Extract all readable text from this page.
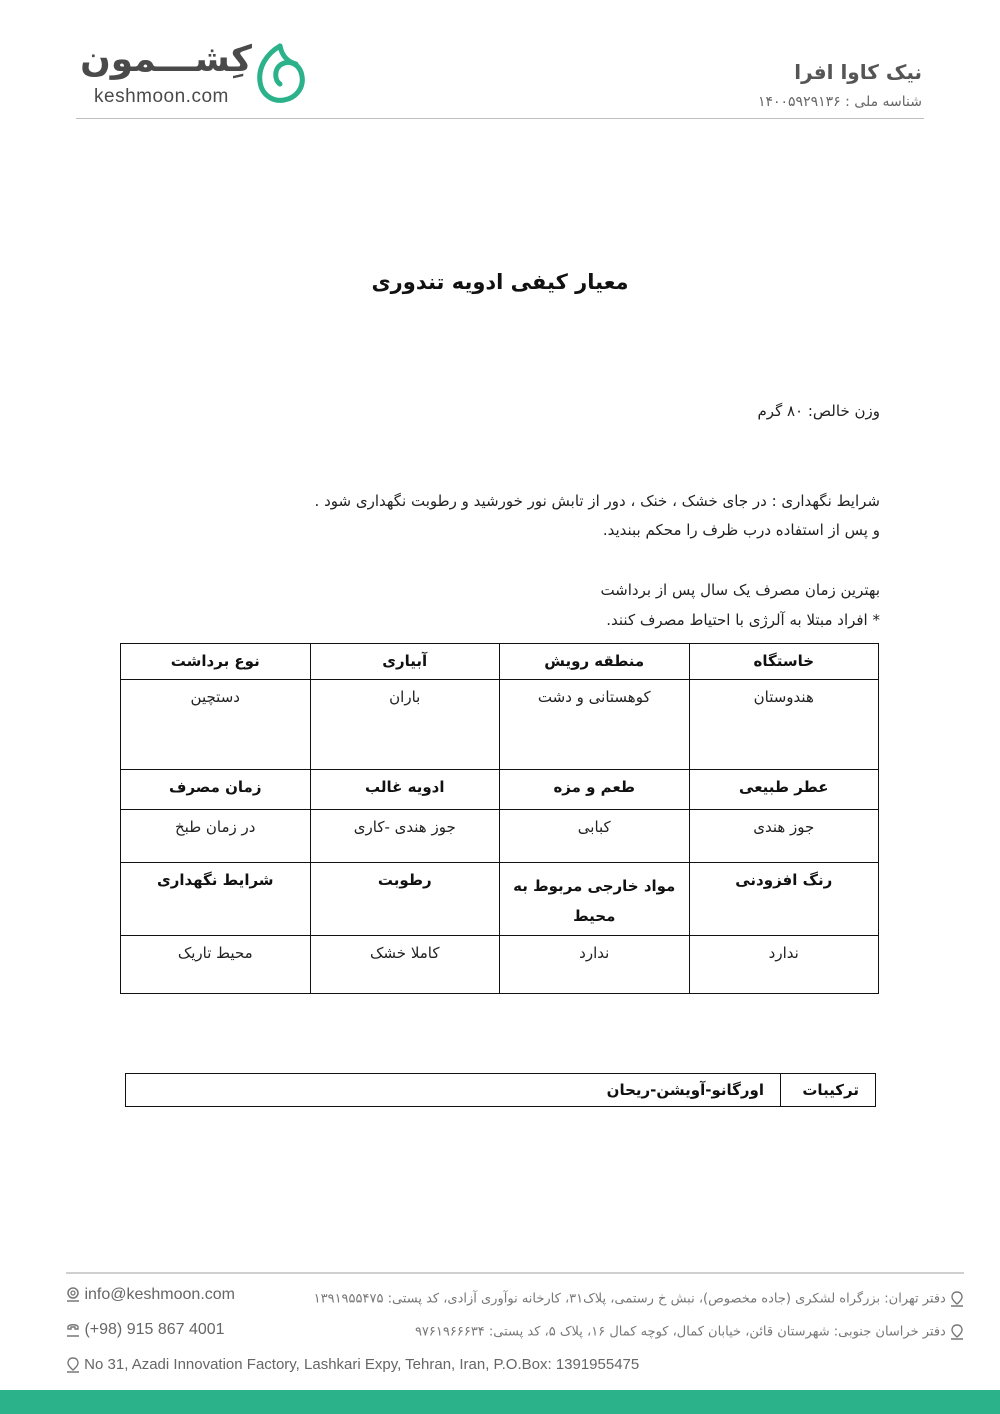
کِشـــمون
keshmoon.com
نیک کاوا افرا
شناسه ملی : ۱۴۰۰۵۹۲۹۱۳۶
معیار کیفی ادویه تندوری
وزن خالص: ۸۰ گرم
شرایط نگهداری : در جای خشک ، خنک ، دور از تابش نور خورشید و رطوبت نگهداری شود .
و پس از استفاده درب ظرف را محکم ببندید.
بهترین زمان مصرف یک سال پس از برداشت
* افراد مبتلا به آلرژی با احتیاط مصرف کنند.
خاستگاه	منطقه رویش	آبیاری	نوع برداشت
هندوستان	کوهستانی و دشت	باران	دستچین
عطر طبیعی	طعم و مزه	ادویه غالب	زمان مصرف
جوز هندی	کبابی	جوز هندی -کاری	در زمان طبخ
رنگ افزودنی	مواد خارجی مربوط به محیط	رطوبت	شرایط نگهداری
ندارد	ندارد	کاملا خشک	محیط تاریک
ترکیبات	اورگانو-آویشن-ریحان
info@keshmoon.com
(+98) 915 867 4001
No 31, Azadi Innovation Factory, Lashkari Expy, Tehran, Iran, P.O.Box: 1391955475
دفتر تهران: بزرگراه لشکری (جاده مخصوص)، نبش خ رستمی، پلاک۳۱، کارخانه نوآوری آزادی، کد پستی: ۱۳۹۱۹۵۵۴۷۵
دفتر خراسان جنوبی: شهرستان قائن، خیابان کمال، کوچه کمال ۱۶، پلاک ۵، کد پستی: ۹۷۶۱۹۶۶۶۳۴
